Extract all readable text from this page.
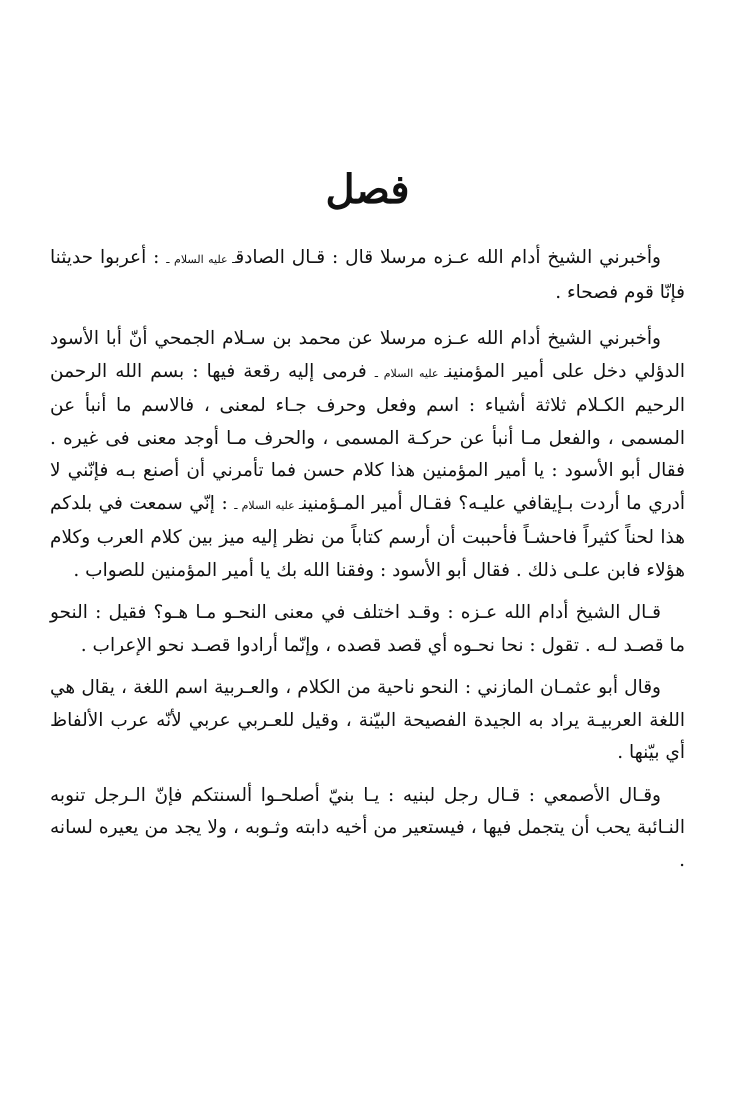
فصل

وأخبرني الشيخ أدام الله عـزه مرسلا قال : قـال الصادقـ عليه السلام ـ : أعربوا حديثنا فإنّا قوم فصحاء .

وأخبرني الشيخ أدام الله عـزه مرسلا عن محمد بن سـلام الجمحي أنّ أبا الأسود الدؤلي دخل على أمير المؤمنينـ عليه السلام ـ فرمى إليه رقعة فيها : بسم الله الرحمن الرحيم الكـلام ثلاثة أشياء : اسم وفعل وحرف جـاء لمعنى ، فالاسم ما أنبأ عن المسمى ، والفعل مـا أنبأ عن حركـة المسمى ، والحرف مـا أوجد معنى فى غيره . فقال أبو الأسود : يا أمير المؤمنين هذا كلام حسن فما تأمرني أن أصنع بـه فإنّني لا أدري ما أردت بـإيقافي عليـه؟ فقـال أمير المـؤمنينـ عليه السلام ـ : إنّي سمعت في بلدكم هذا لحناً كثيراً فاحشـاً فأحببت أن أرسم كتاباً من نظر إليه ميز بين كلام العرب وكلام هؤلاء فابن علـى ذلك . فقال أبو الأسود : وفقنا الله بك يا أمير المؤمنين للصواب .

قـال الشيخ أدام الله عـزه : وقـد اختلف في معنى النحـو مـا هـو؟ فقيل : النحو ما قصـد لـه . تقول : نحا نحـوه أي قصد قصده ، وإنّما أرادوا قصـد نحو الإعراب .

وقال أبو عثمـان المازني : النحو ناحية من الكلام ، والعـربية اسم اللغة ، يقال هي اللغة العربيـة يراد به الجيدة الفصيحة البيّنة ، وقيل للعـربي عربي لأنّه عرب الألفاظ أي بيّنها .

وقـال الأصمعي : قـال رجل لبنيه : يـا بنيّ أصلحـوا ألسنتكم فإنّ الـرجل تنوبه النـائبة يحب أن يتجمل فيها ، فيستعير من أخيه دابته وثـوبه ، ولا يجد من يعيره لسانه .
